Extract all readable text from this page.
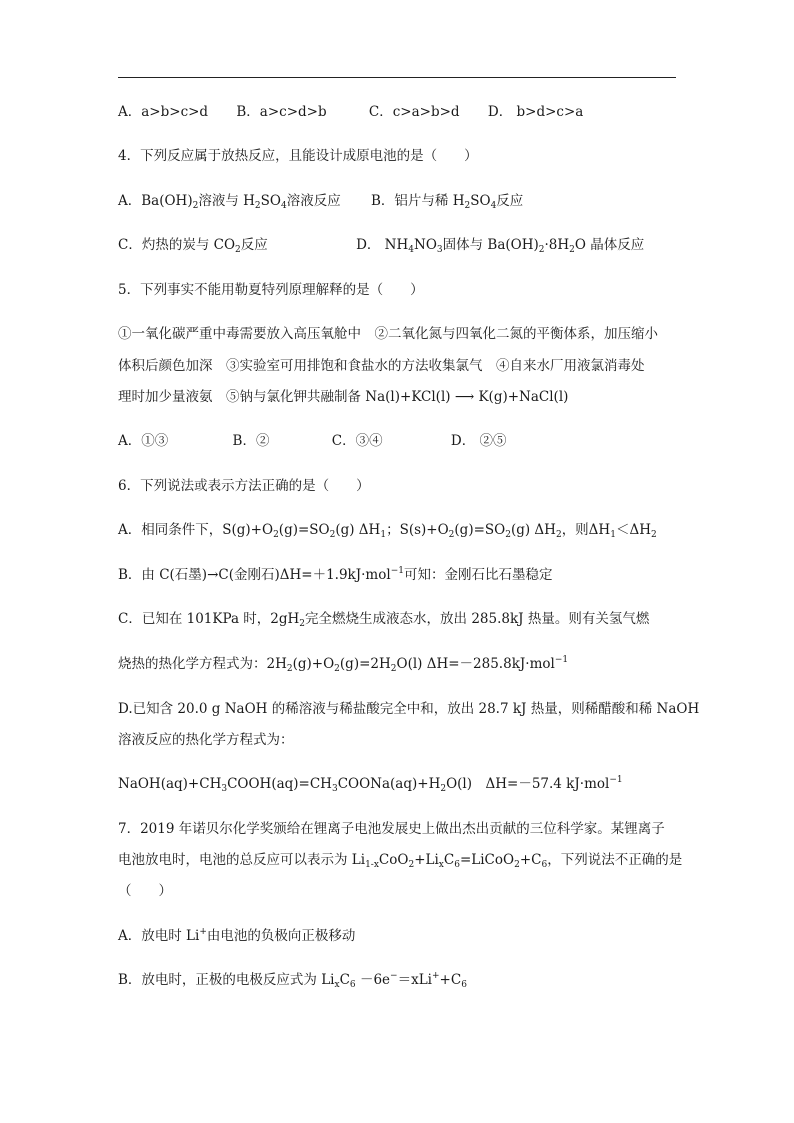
A．a>b>c>d B．a>c>d>b	C．c>a>b>d D． b>d>c>a
4．下列反应属于放热反应，且能设计成原电池的是（　　）
A．$Ba(OH)_2$溶液与 $H_2SO_4$溶液反应 B．铝片与稀 $H_2SO_4$反应
C．灼热的炭与 $CO_2$反应	D． $NH_4NO_3$固体与 $Ba(OH)_2\cdot 8H_2O$ 晶体反应
5．下列事实不能用勒夏特列原理解释的是（　　）
①一氧化碳严重中毒需要放入高压氧舱中　②二氧化氮与四氧化二氮的平衡体系，加压缩小
体积后颜色加深　③实验室可用排饱和食盐水的方法收集氯气　④自来水厂用液氯消毒处
理时加少量液氨　⑤钠与氯化钾共融制备 Na(l)+KCl(l) ⟶ K(g)+NaCl(l)
A．①③	B．②	C．③④	D． ②⑤
6．下列说法或表示方法正确的是（　　）
A．相同条件下，$S(g)+O_2(g)=SO_2(g)$ $\Delta H_1$；$S(s)+O_2(g)=SO_2(g)$ $\Delta H_2$，则$\Delta H_1<\Delta H_2$
B．由 C(石墨)→C(金刚石)ΔH=＋1.9kJ·mol$^{-1}$可知：金刚石比石墨稳定
C．已知在 101KPa 时，$2gH_2$完全燃烧生成液态水，放出 285.8kJ 热量。则有关氢气燃
烧热的热化学方程式为：$2H_2(g)+O_2(g)=2H_2O(l)$ ΔH=－285.8kJ·mol$^{-1}$
D.已知含 20.0 g NaOH 的稀溶液与稀盐酸完全中和，放出 28.7 kJ 热量，则稀醋酸和稀 NaOH
溶液反应的热化学方程式为：
$NaOH(aq)+CH_3COOH(aq)=CH_3COONa(aq)+H_2O(l)$　ΔH=－57.4 kJ·mol$^{-1}$
7．2019 年诺贝尔化学奖颁给在锂离子电池发展史上做出杰出贡献的三位科学家。某锂离子
电池放电时，电池的总反应可以表示为 $Li_{1-x}CoO_2+Li_xC_6=LiCoO_2+C_6$，下列说法不正确的是
（　　）
A．放电时 Li+由电池的负极向正极移动
B．放电时，正极的电极反应式为 $Li_xC_6 -6e^-=xLi^++C_6$
